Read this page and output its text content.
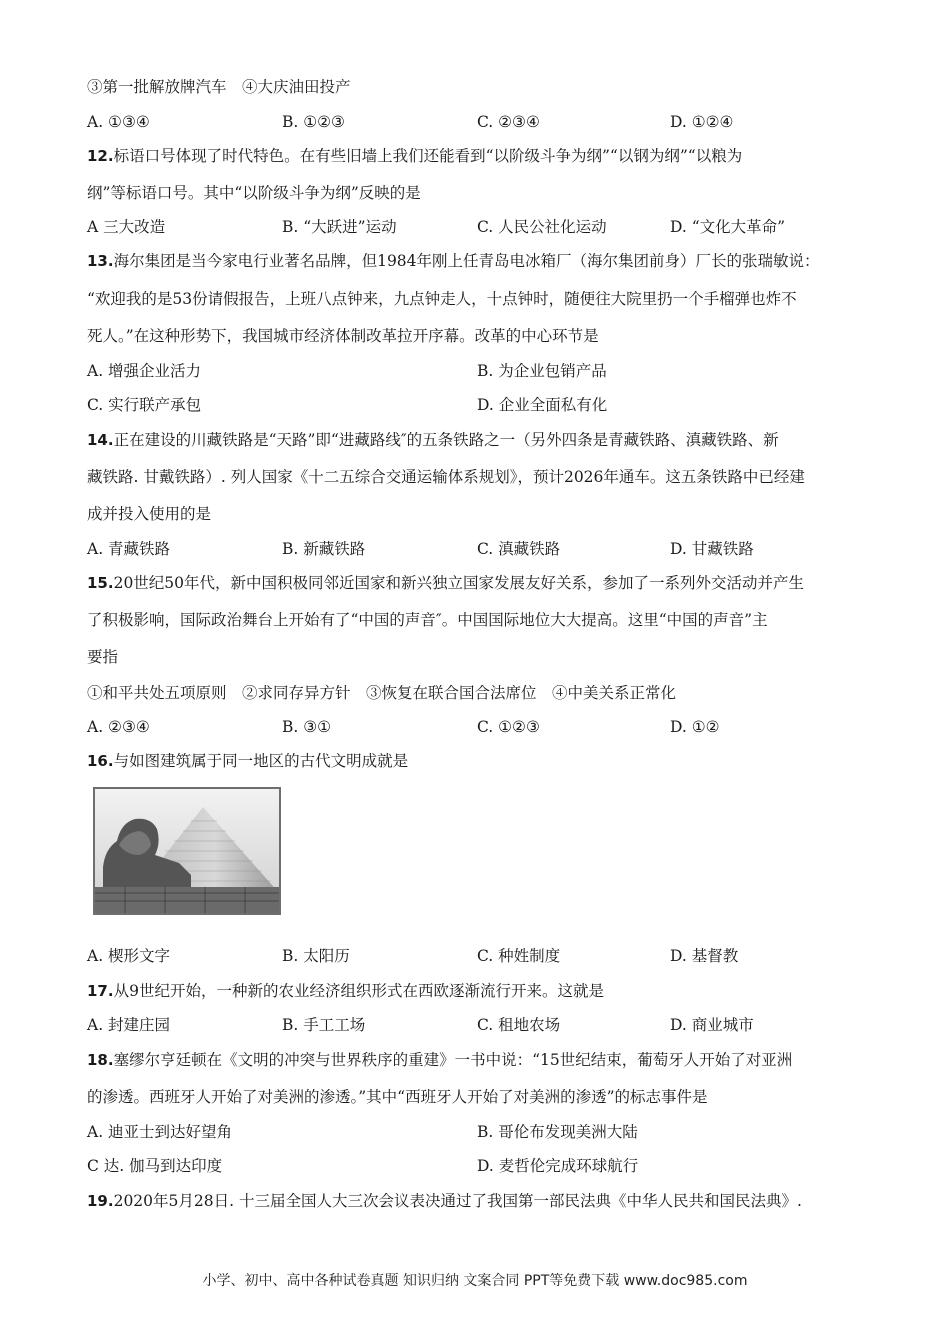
③第一批解放牌汽车　④大庆油田投产
A. ①③④	B. ①②③	C. ②③④	D. ①②④
12.标语口号体现了时代特色。在有些旧墙上我们还能看到“以阶级斗争为纲”“以钢为纲”“以粮为
纲”等标语口号。其中“以阶级斗争为纲”反映的是
A 三大改造	B. “大跃进”运动	C. 人民公社化运动	D. “文化大革命”
13.海尔集团是当今家电行业著名品牌，但1984年刚上任青岛电冰箱厂（海尔集团前身）厂长的张瑞敏说：
“欢迎我的是53份请假报告，上班八点钟来，九点钟走人，十点钟时，随便往大院里扔一个手榴弹也炸不
死人。”在这种形势下，我国城市经济体制改革拉开序幕。改革的中心环节是
A. 增强企业活力	B. 为企业包销产品
C. 实行联产承包	D. 企业全面私有化
14.正在建设的川藏铁路是“天路”即“进藏路线″的五条铁路之一（另外四条是青藏铁路、滇藏铁路、新
藏铁路. 甘戴铁路）. 列人国家《十二五综合交通运输体系规划》，预计2026年通车。这五条铁路中已经建
成并投入使用的是
A. 青藏铁路	B. 新藏铁路	C. 滇藏铁路	D. 甘藏铁路
15.20世纪50年代，新中国积极同邻近国家和新兴独立国家发展友好关系，参加了一系列外交活动并产生
了积极影响，国际政治舞台上开始有了“中国的声音″。中国国际地位大大提高。这里“中国的声音”主
要指
①和平共处五项原则　②求同存异方针　③恢复在联合国合法席位　④中美关系正常化
A. ②③④	B. ③①	C. ①②③	D. ①②
16.与如图建筑属于同一地区的古代文明成就是
A. 楔形文字	B. 太阳历	C. 种姓制度	D. 基督教
17.从9世纪开始，一种新的农业经济组织形式在西欧逐渐流行开来。这就是
A. 封建庄园	B. 手工工场	C. 租地农场	D. 商业城市
18.塞缪尔亨廷顿在《文明的冲突与世界秩序的重建》一书中说：“15世纪结束，葡萄牙人开始了对亚洲
的渗透。西班牙人开始了对美洲的渗透。”其中“西班牙人开始了对美洲的渗透”的标志事件是
A. 迪亚士到达好望角	B. 哥伦布发现美洲大陆
C 达. 伽马到达印度	D. 麦哲伦完成环球航行
19.2020年5月28日. 十三届全国人大三次会议表决通过了我国第一部民法典《中华人民共和国民法典》.
小学、初中、高中各种试卷真题 知识归纳 文案合同 PPT等免费下载 www.doc985.com
